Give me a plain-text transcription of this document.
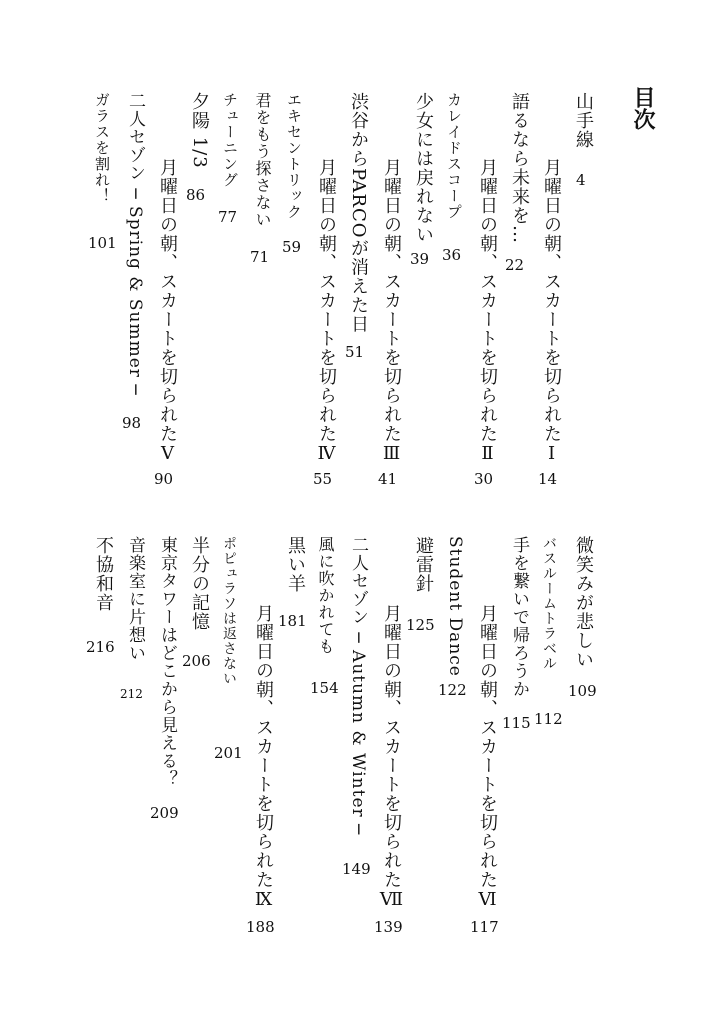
目次
山手線
4
月曜日の朝、スカートを切られたⅠ
14
語るなら未来を…
22
月曜日の朝、スカートを切られたⅡ
30
カレイドスコープ
36
少女には戻れない
39
月曜日の朝、スカートを切られたⅢ
41
渋谷からPARCOが消えた日
51
月曜日の朝、スカートを切られたⅣ
55
エキセントリック
59
君をもう探さない
71
チューニング
77
夕陽 1/3
86
月曜日の朝、スカートを切られたⅤ
90
二人セゾン ─ Spring & Summer ─
98
ガラスを割れ！
101
微笑みが悲しい
109
バスルームトラベル
112
手を繋いで帰ろうか
115
月曜日の朝、スカートを切られたⅥ
117
Student Dance
122
避雷針
125
月曜日の朝、スカートを切られたⅦ
139
二人セゾン ─ Autumn & Winter ─
149
風に吹かれても
154
黒い羊
181
月曜日の朝、スカートを切られたⅨ
188
ポピュラソは返さない
201
半分の記憶
206
東京タワーはどこから見える？
209
音楽室に片想い
212
不協和音
216
